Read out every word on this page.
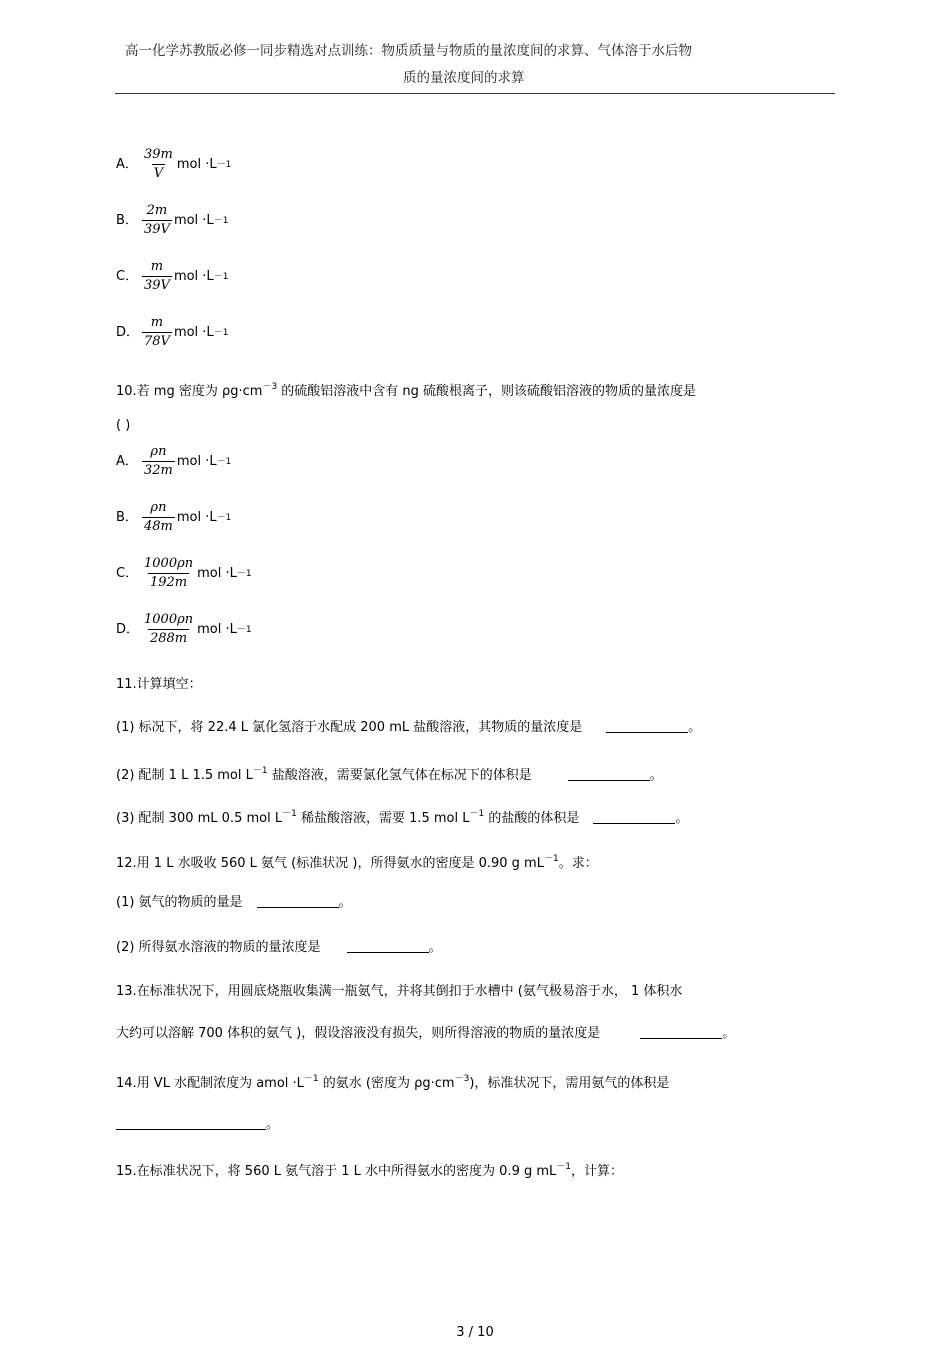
高一化学苏教版必修一同步精选对点训练：物质质量与物质的量浓度间的求算、气体溶于水后物
质的量浓度间的求算
A． $\frac{39m}{V}$ mol ·L －1
B． $\frac{2m}{39V}$ mol ·L －1
C． $\frac{m}{39V}$ mol ·L －1
D． $\frac{m}{78V}$ mol ·L －1
10.若 mg 密度为 $\rho g\cdot cm^{-3}$ 的硫酸铝溶液中含有 ng 硫酸根离子，则该硫酸铝溶液的物质的量浓度是
( )
A． $\frac{\rho n}{32m}$ mol ·L －1
B． $\frac{\rho n}{48m}$ mol ·L －1
C． $\frac{1000\rho n}{192m}$ mol ·L －1
D． $\frac{1000\rho n}{288m}$ mol ·L －1
11.计算填空：
(1) 标况下，将 22.4 L 氯化氢溶于水配成 200 mL 盐酸溶液，其物质的量浓度是	。
(2) 配制 1 L 1.5 mol $L^{-1}$ 盐酸溶液，需要氯化氢气体在标况下的体积是	。
(3) 配制 300 mL 0.5 mol $L^{-1}$ 稀盐酸溶液，需要 1.5 mol $L^{-1}$ 的盐酸的体积是	。
12.用 1 L 水吸收 560 L 氨气 (标准状况 )，所得氨水的密度是 0.90 g $mL^{-1}$。求：
(1) 氨气的物质的量是	。
(2) 所得氨水溶液的物质的量浓度是	。
13.在标准状况下，用圆底烧瓶收集满一瓶氨气，并将其倒扣于水槽中 (氨气极易溶于水， 1 体积水
大约可以溶解 700 体积的氨气 )，假设溶液没有损失，则所得溶液的物质的量浓度是	。
14.用 VL 水配制浓度为 amol $\cdot L^{-1}$ 的氨水 (密度为 $\rho g\cdot cm^{-3}$)，标准状况下，需用氨气的体积是
。
15.在标准状况下，将 560 L 氨气溶于 1 L 水中所得氨水的密度为 0.9 g $mL^{-1}$，计算：
3 / 10
